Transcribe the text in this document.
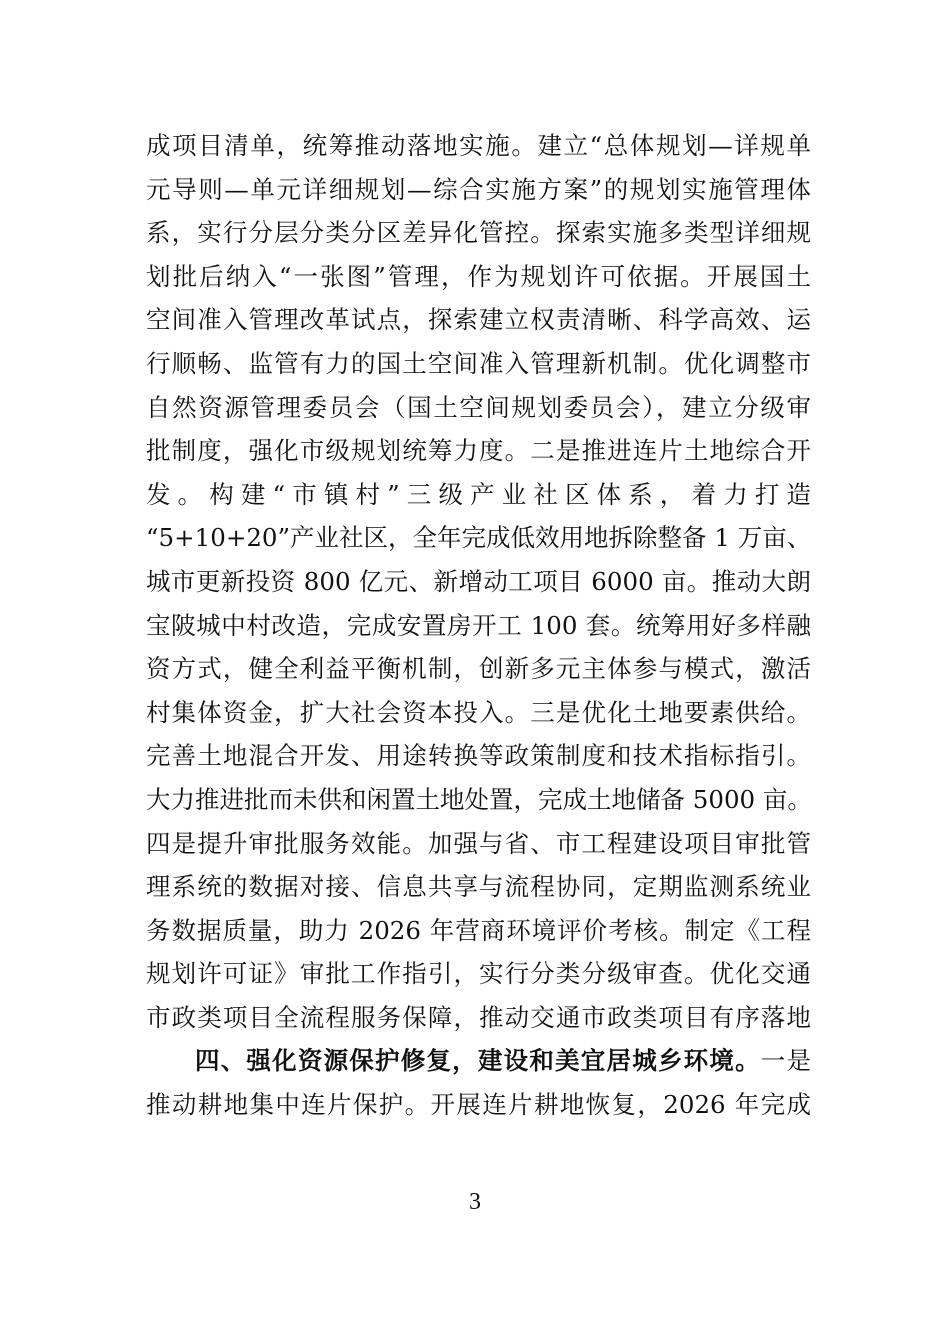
成项目清单，统筹推动落地实施。建立“总体规划—详规单
元导则—单元详细规划—综合实施方案”的规划实施管理体
系，实行分层分类分区差异化管控。探索实施多类型详细规
划批后纳入“一张图”管理，作为规划许可依据。开展国土
空间准入管理改革试点，探索建立权责清晰、科学高效、运
行顺畅、监管有力的国土空间准入管理新机制。优化调整市
自然资源管理委员会（国土空间规划委员会），建立分级审
批制度，强化市级规划统筹力度。二是推进连片土地综合开
发。构建“市镇村”三级产业社区体系，着力打造
“5+10+20”产业社区，全年完成低效用地拆除整备 1 万亩、
城市更新投资 800 亿元、新增动工项目 6000 亩。推动大朗
宝陂城中村改造，完成安置房开工 100 套。统筹用好多样融
资方式，健全利益平衡机制，创新多元主体参与模式，激活
村集体资金，扩大社会资本投入。三是优化土地要素供给。
完善土地混合开发、用途转换等政策制度和技术指标指引。
大力推进批而未供和闲置土地处置，完成土地储备 5000 亩。
四是提升审批服务效能。加强与省、市工程建设项目审批管
理系统的数据对接、信息共享与流程协同，定期监测系统业
务数据质量，助力 2026 年营商环境评价考核。制定《工程
规划许可证》审批工作指引，实行分类分级审查。优化交通
市政类项目全流程服务保障，推动交通市政类项目有序落地
四、强化资源保护修复，建设和美宜居城乡环境。一是
推动耕地集中连片保护。开展连片耕地恢复，2026 年完成
3
